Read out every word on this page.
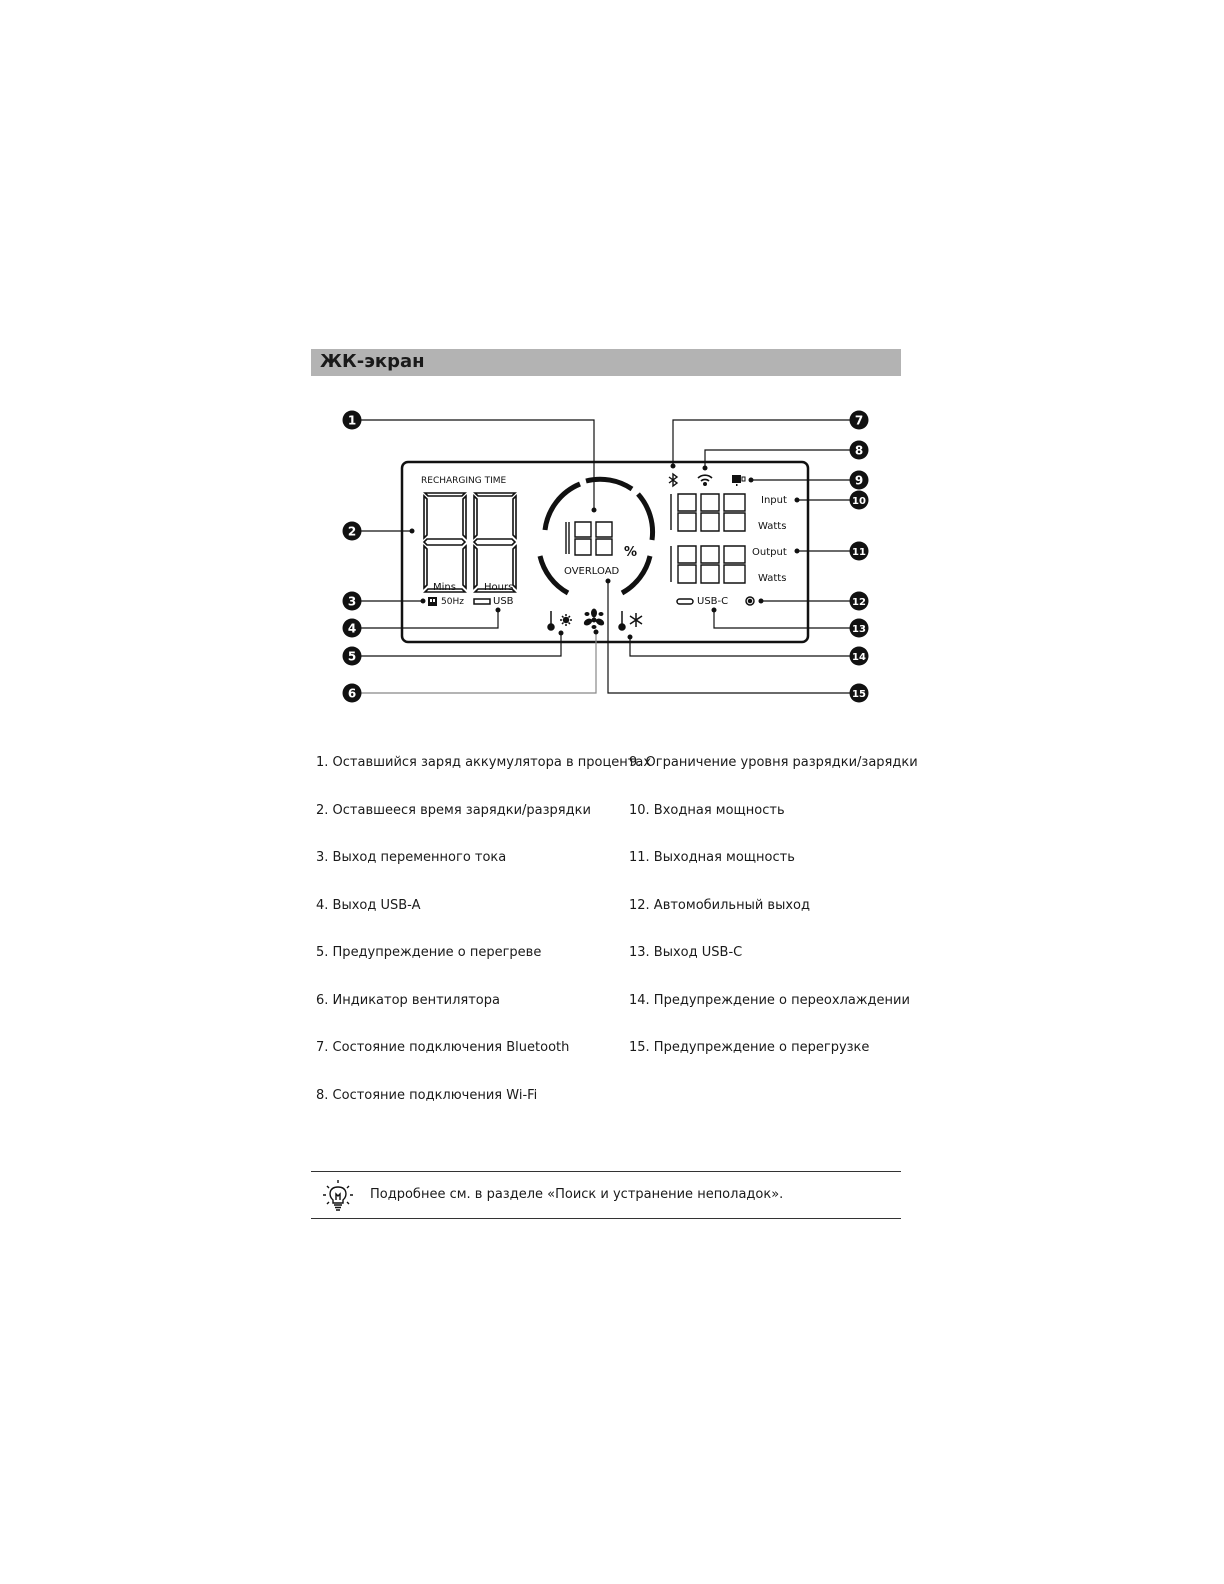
ЖК-экран
RECHARGING TIME
Mins	Hours
%
OVERLOAD
Input
Watts
Output
Watts
50Hz	USB	USB-C
1
2
3
4
5
6
7
8
9
10
11
12
13
14
15
1. Оставшийся заряд аккумулятора в процентах
2. Оставшееся время зарядки/разрядки
3. Выход переменного тока
4. Выход USB-A
5. Предупреждение о перегреве
6. Индикатор вентилятора
7. Состояние подключения Bluetooth
8. Состояние подключения Wi-Fi
9. Ограничение уровня разрядки/зарядки
10. Входная мощность
11. Выходная мощность
12. Автомобильный выход
13. Выход USB-C
14. Предупреждение о переохлаждении
15. Предупреждение о перегрузке
Подробнее см. в разделе «Поиск и устранение неполадок».
